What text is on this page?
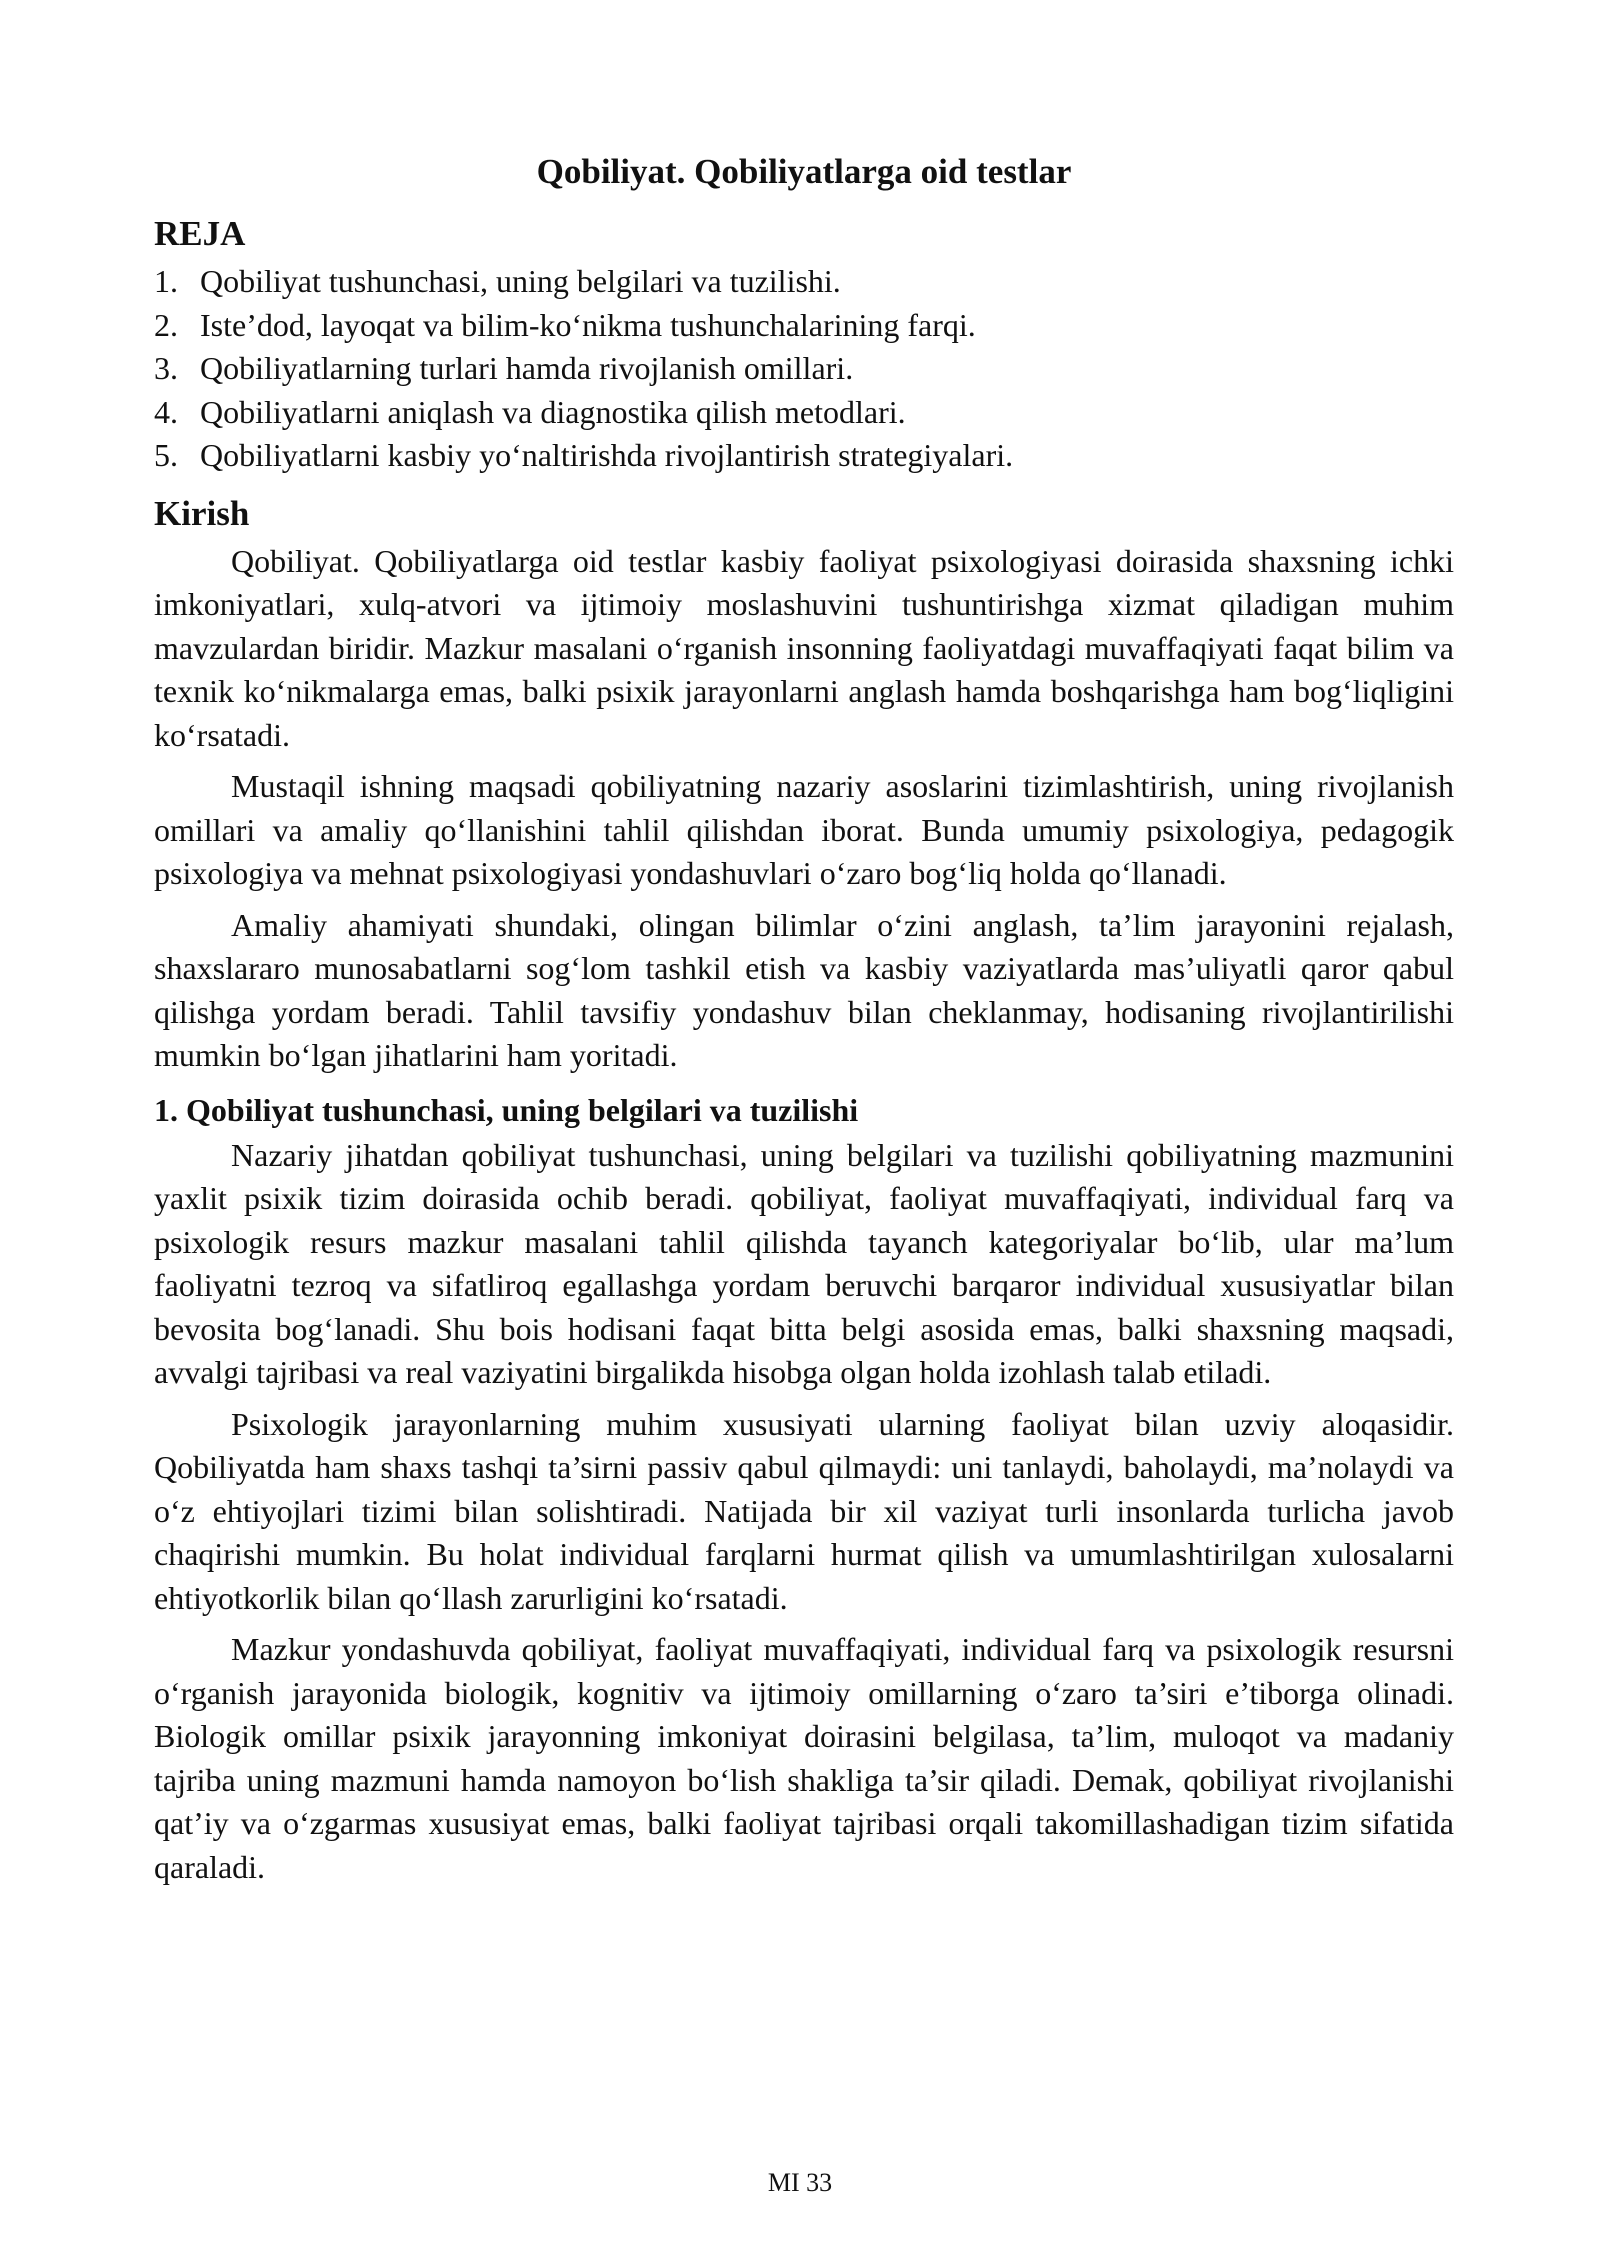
Qobiliyat. Qobiliyatlarga oid testlar
REJA
1. Qobiliyat tushunchasi, uning belgilari va tuzilishi.
2. Iste’dod, layoqat va bilim-ko‘nikma tushunchalarining farqi.
3. Qobiliyatlarning turlari hamda rivojlanish omillari.
4. Qobiliyatlarni aniqlash va diagnostika qilish metodlari.
5. Qobiliyatlarni kasbiy yo‘naltirishda rivojlantirish strategiyalari.
Kirish

Qobiliyat. Qobiliyatlarga oid testlar kasbiy faoliyat psixologiyasi doirasida shaxsning ichki imkoniyatlari, xulq-atvori va ijtimoiy moslashuvini tushuntirishga xizmat qiladigan muhim mavzulardan biridir. Mazkur masalani o‘rganish insonning faoliyatdagi muvaffaqiyati faqat bilim va texnik ko‘nikmalarga emas, balki psixik jarayonlarni anglash hamda boshqarishga ham bog‘liqligini ko‘rsatadi.

Mustaqil ishning maqsadi qobiliyatning nazariy asoslarini tizimlashtirish, uning rivojlanish omillari va amaliy qo‘llanishini tahlil qilishdan iborat. Bunda umumiy psixologiya, pedagogik psixologiya va mehnat psixologiyasi yondashuvlari o‘zaro bog‘liq holda qo‘llanadi.

Amaliy ahamiyati shundaki, olingan bilimlar o‘zini anglash, ta’lim jarayonini rejalash, shaxslararo munosabatlarni sog‘lom tashkil etish va kasbiy vaziyatlarda mas’uliyatli qaror qabul qilishga yordam beradi. Tahlil tavsifiy yondashuv bilan cheklanmay, hodisaning rivojlantirilishi mumkin bo‘lgan jihatlarini ham yoritadi.

1. Qobiliyat tushunchasi, uning belgilari va tuzilishi

Nazariy jihatdan qobiliyat tushunchasi, uning belgilari va tuzilishi qobiliyatning mazmunini yaxlit psixik tizim doirasida ochib beradi. qobiliyat, faoliyat muvaffaqiyati, individual farq va psixologik resurs mazkur masalani tahlil qilishda tayanch kategoriyalar bo‘lib, ular ma’lum faoliyatni tezroq va sifatliroq egallashga yordam beruvchi barqaror individual xususiyatlar bilan bevosita bog‘lanadi. Shu bois hodisani faqat bitta belgi asosida emas, balki shaxsning maqsadi, avvalgi tajribasi va real vaziyatini birgalikda hisobga olgan holda izohlash talab etiladi.

Psixologik jarayonlarning muhim xususiyati ularning faoliyat bilan uzviy aloqasidir. Qobiliyatda ham shaxs tashqi ta’sirni passiv qabul qilmaydi: uni tanlaydi, baholaydi, ma’nolaydi va o‘z ehtiyojlari tizimi bilan solishtiradi. Natijada bir xil vaziyat turli insonlarda turlicha javob chaqirishi mumkin. Bu holat individual farqlarni hurmat qilish va umumlashtirilgan xulosalarni ehtiyotkorlik bilan qo‘llash zarurligini ko‘rsatadi.

Mazkur yondashuvda qobiliyat, faoliyat muvaffaqiyati, individual farq va psixologik resursni o‘rganish jarayonida biologik, kognitiv va ijtimoiy omillarning o‘zaro ta’siri e’tiborga olinadi. Biologik omillar psixik jarayonning imkoniyat doirasini belgilasa, ta’lim, muloqot va madaniy tajriba uning mazmuni hamda namoyon bo‘lish shakliga ta’sir qiladi. Demak, qobiliyat rivojlanishi qat’iy va o‘zgarmas xususiyat emas, balki faoliyat tajribasi orqali takomillashadigan tizim sifatida qaraladi.

MI 33
